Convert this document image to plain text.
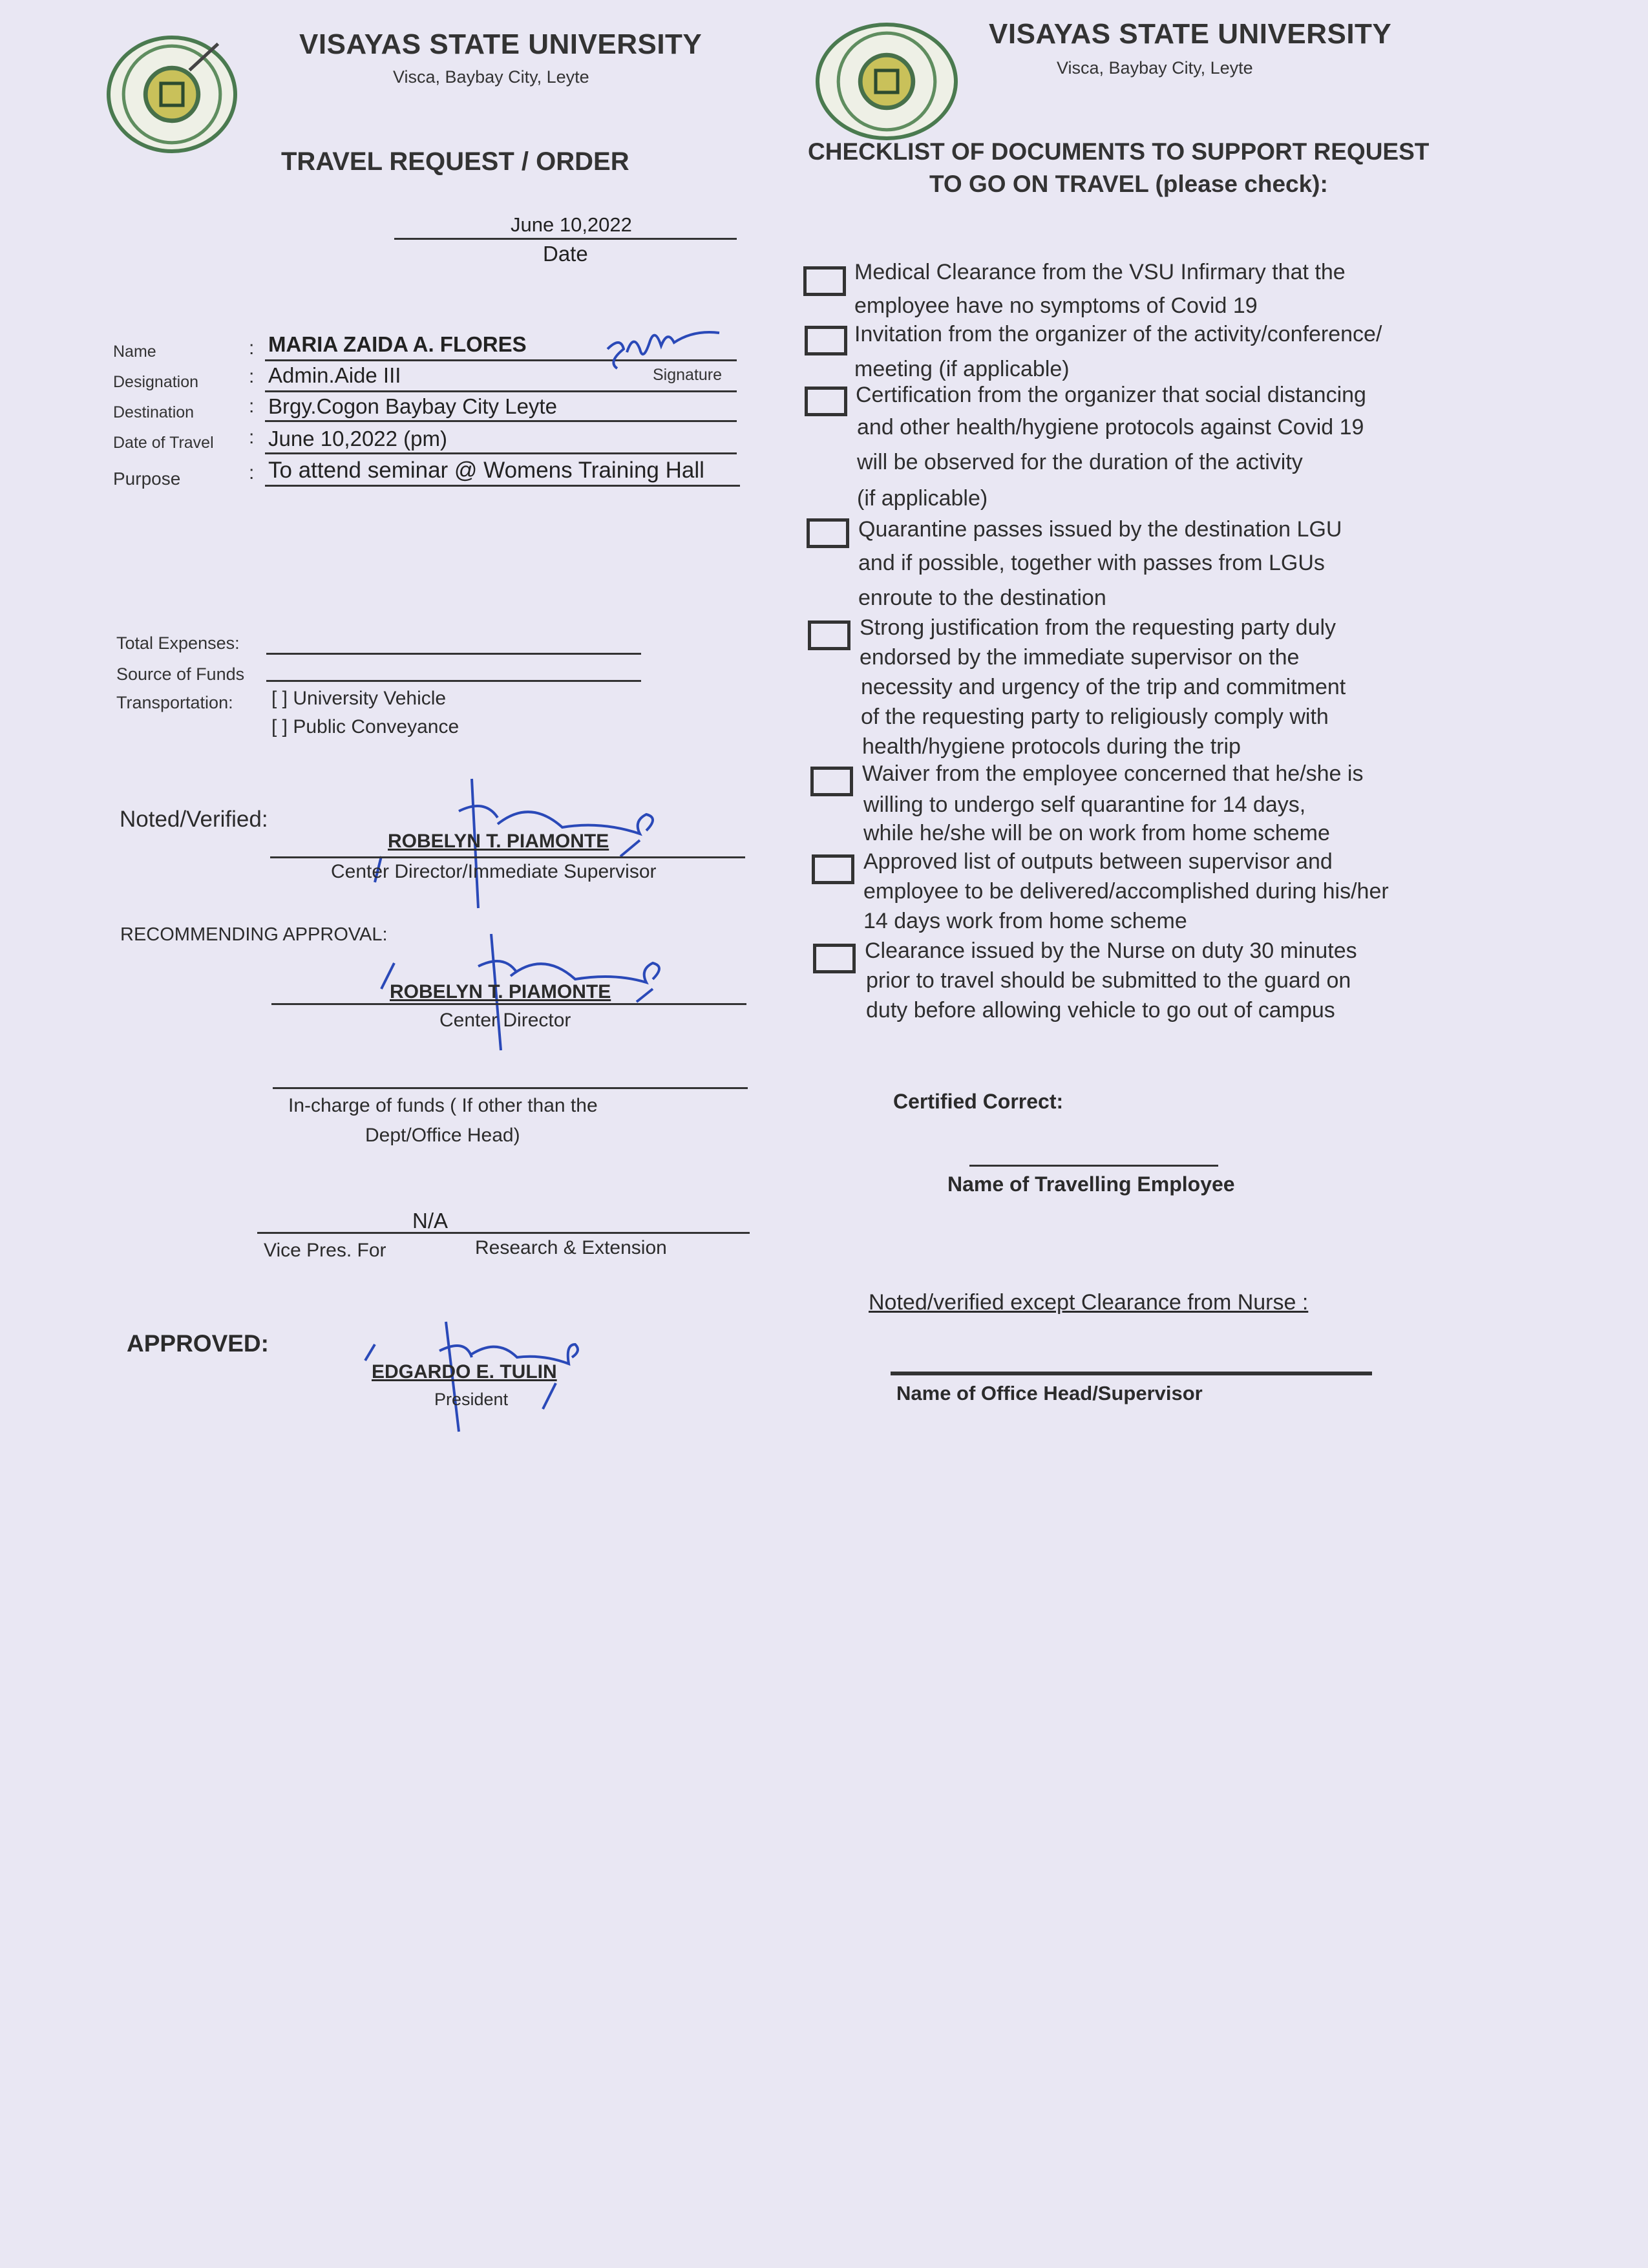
VISAYAS STATE UNIVERSITY
Visca, Baybay City, Leyte
TRAVEL REQUEST / ORDER
June 10,2022
Date
Name	: MARIA ZAIDA A. FLORES
Signature
Designation	: Admin.Aide III
Destination	: Brgy.Cogon Baybay City Leyte
Date of Travel : June 10,2022 (pm)
Purpose	: To attend seminar @ Womens Training Hall
Total Expenses:
Source of Funds
Transportation: [ ] University Vehicle
[ ] Public Conveyance
Noted/Verified:
ROBELYN T. PIAMONTE
Center Director/Immediate Supervisor
RECOMMENDING APPROVAL:
ROBELYN T. PIAMONTE
Center Director
In-charge of funds ( If other than the
Dept/Office Head)
N/A
Vice Pres. For	Research & Extension
APPROVED:
EDGARDO E. TULIN
President
VISAYAS STATE UNIVERSITY
Visca, Baybay City, Leyte
CHECKLIST OF DOCUMENTS TO SUPPORT REQUEST
TO GO ON TRAVEL (please check):
Medical Clearance from the VSU Infirmary that the
employee have no symptoms of Covid 19
Invitation from the organizer of the activity/conference/
meeting (if applicable)
Certification from the organizer that social distancing
and other health/hygiene protocols against Covid 19
will be observed for the duration of the activity
(if applicable)
Quarantine passes issued by the destination LGU
and if possible, together with passes from LGUs
enroute to the destination
Strong justification from the requesting party duly
endorsed by the immediate supervisor on the
necessity and urgency of the trip and commitment
of the requesting party to religiously comply with
health/hygiene protocols during the trip
Waiver from the employee concerned that he/she is
willing to undergo self quarantine for 14 days,
while he/she will be on work from home scheme
Approved list of outputs between supervisor and
employee to be delivered/accomplished during his/her
14 days work from home scheme
Clearance issued by the Nurse on duty 30 minutes
prior to travel should be submitted to the guard on
duty before allowing vehicle to go out of campus
Certified Correct:
Name of Travelling Employee
Noted/verified except Clearance from Nurse :
Name of Office Head/Supervisor
